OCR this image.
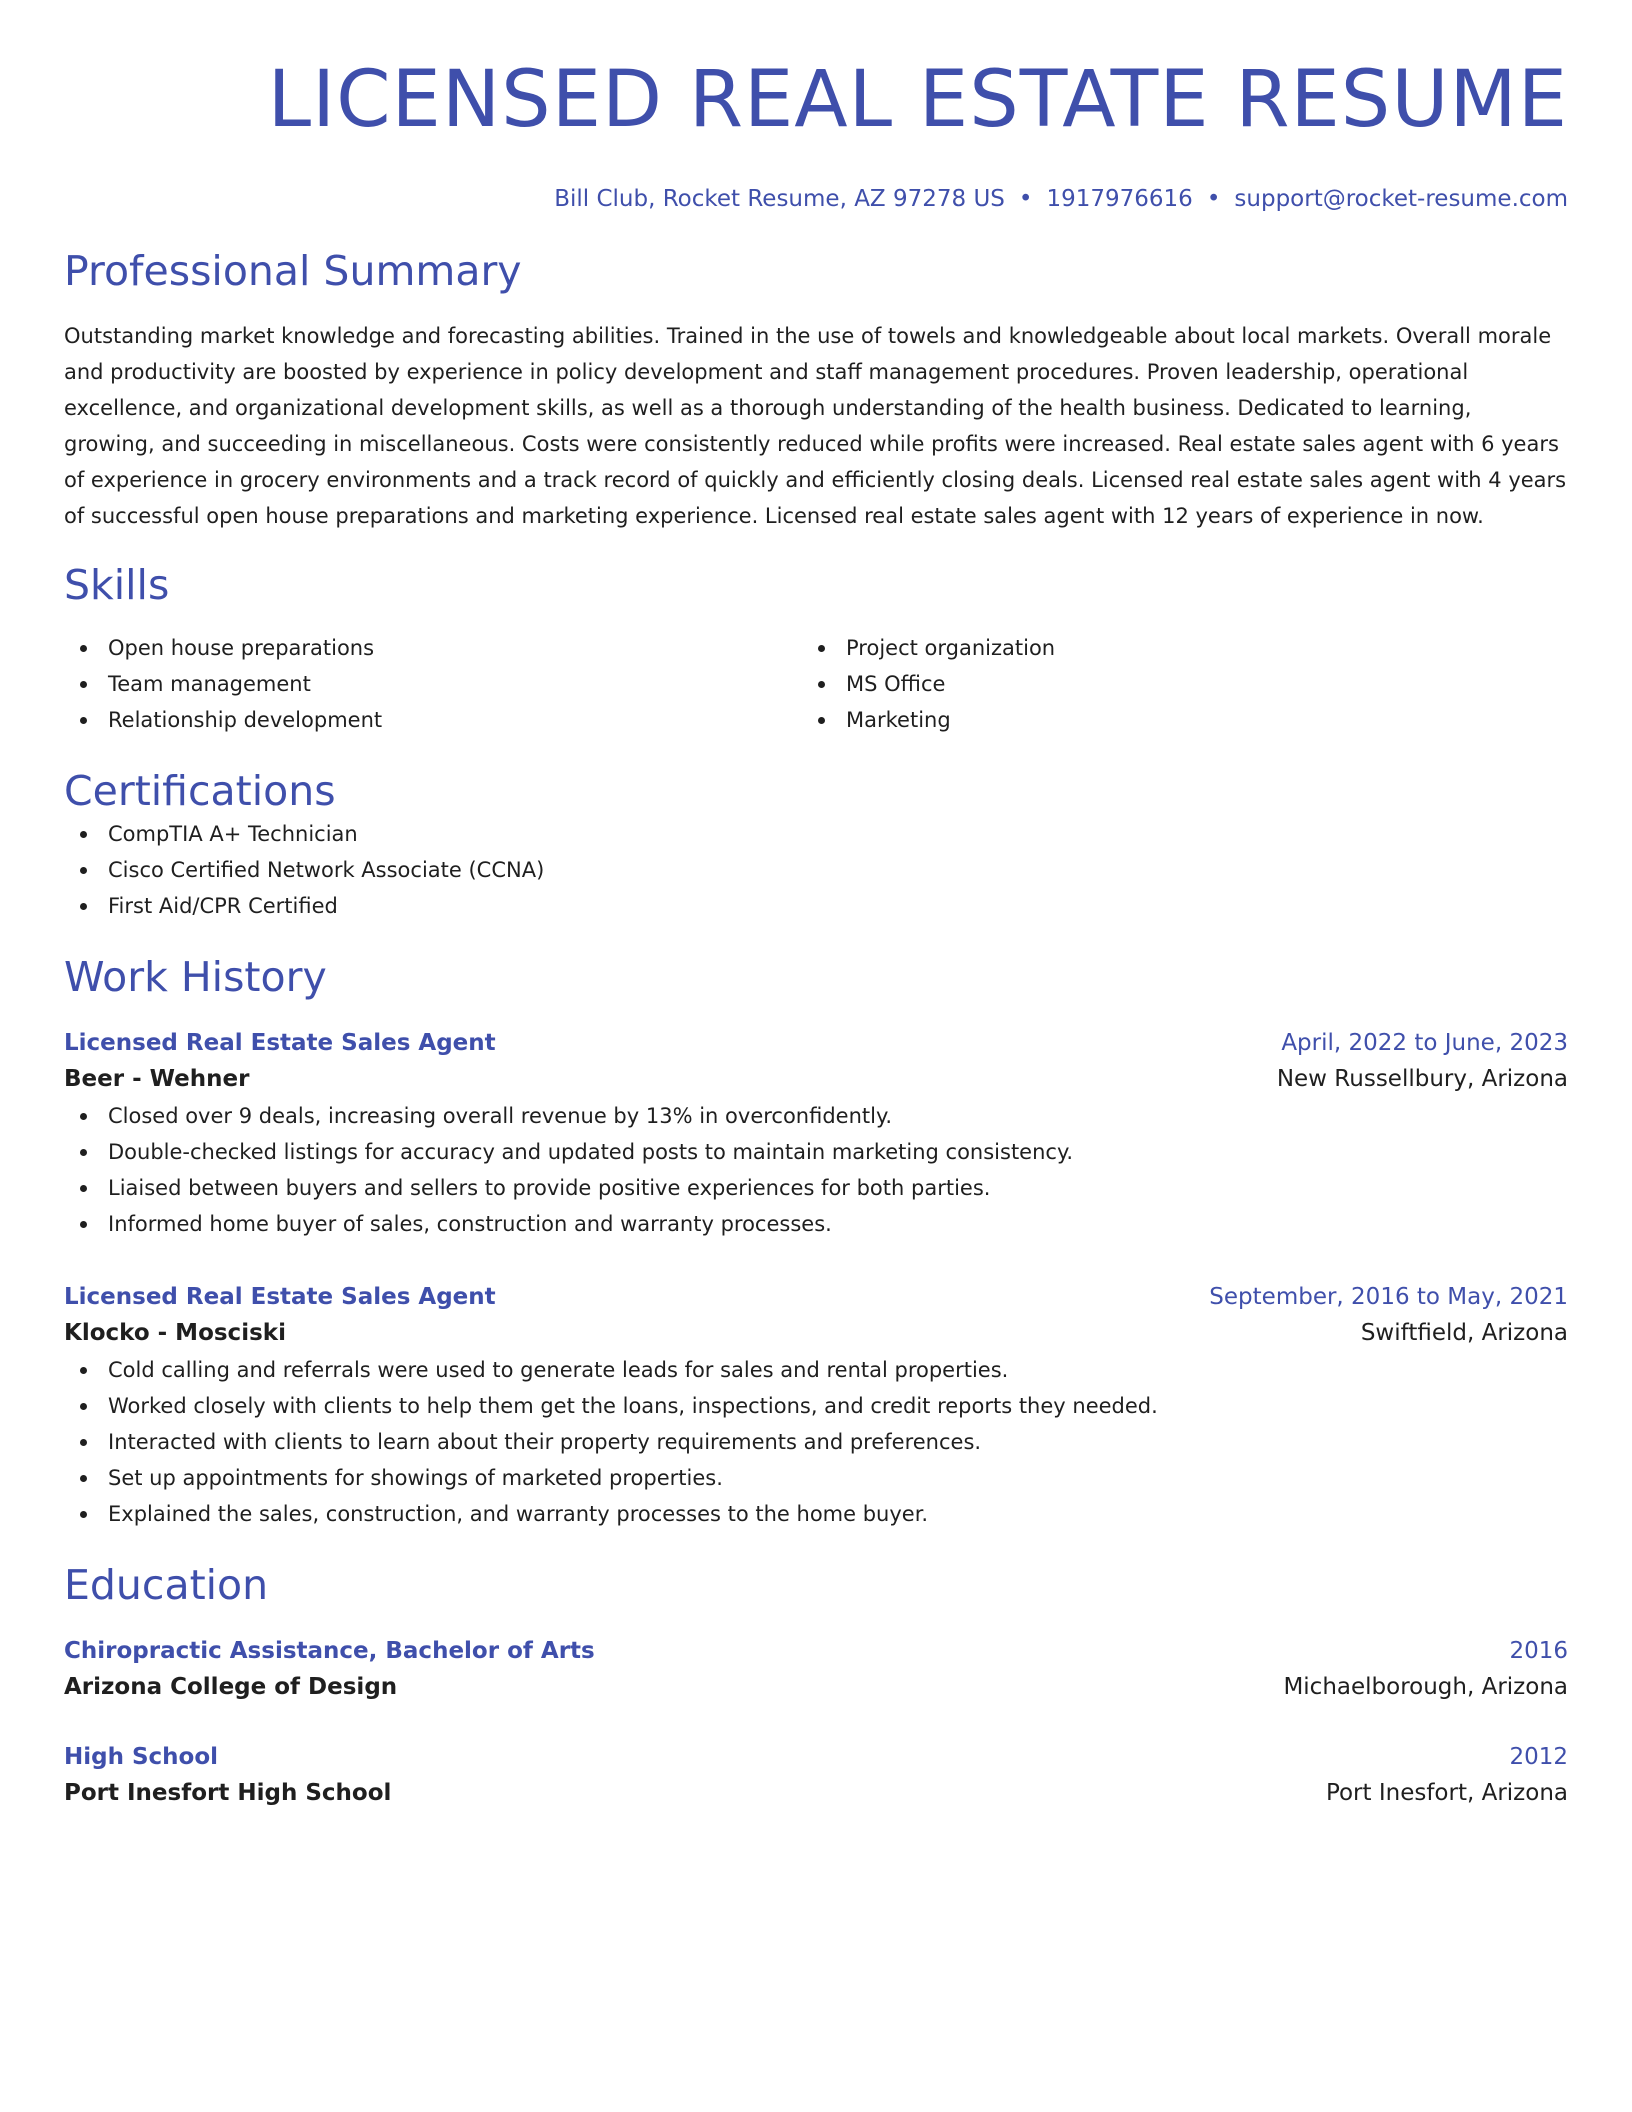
LICENSED REAL ESTATE RESUME
Bill Club, Rocket Resume, AZ 97278 US • 1917976616 • support@rocket-resume.com
Professional Summary
Outstanding market knowledge and forecasting abilities. Trained in the use of towels and knowledgeable about local markets. Overall morale and productivity are boosted by experience in policy development and staff management procedures. Proven leadership, operational excellence, and organizational development skills, as well as a thorough understanding of the health business. Dedicated to learning, growing, and succeeding in miscellaneous. Costs were consistently reduced while profits were increased. Real estate sales agent with 6 years of experience in grocery environments and a track record of quickly and efficiently closing deals. Licensed real estate sales agent with 4 years of successful open house preparations and marketing experience. Licensed real estate sales agent with 12 years of experience in now.
Skills
Open house preparations
Team management
Relationship development
Project organization
MS Office
Marketing
Certifications
CompTIA A+ Technician
Cisco Certified Network Associate (CCNA)
First Aid/CPR Certified
Work History
Licensed Real Estate Sales Agent	April, 2022 to June, 2023
Beer - Wehner	New Russellbury, Arizona
Closed over 9 deals, increasing overall revenue by 13% in overconfidently.
Double-checked listings for accuracy and updated posts to maintain marketing consistency.
Liaised between buyers and sellers to provide positive experiences for both parties.
Informed home buyer of sales, construction and warranty processes.
Licensed Real Estate Sales Agent	September, 2016 to May, 2021
Klocko - Mosciski	Swiftfield, Arizona
Cold calling and referrals were used to generate leads for sales and rental properties.
Worked closely with clients to help them get the loans, inspections, and credit reports they needed.
Interacted with clients to learn about their property requirements and preferences.
Set up appointments for showings of marketed properties.
Explained the sales, construction, and warranty processes to the home buyer.
Education
Chiropractic Assistance, Bachelor of Arts	2016
Arizona College of Design	Michaelborough, Arizona
High School	2012
Port Inesfort High School	Port Inesfort, Arizona
